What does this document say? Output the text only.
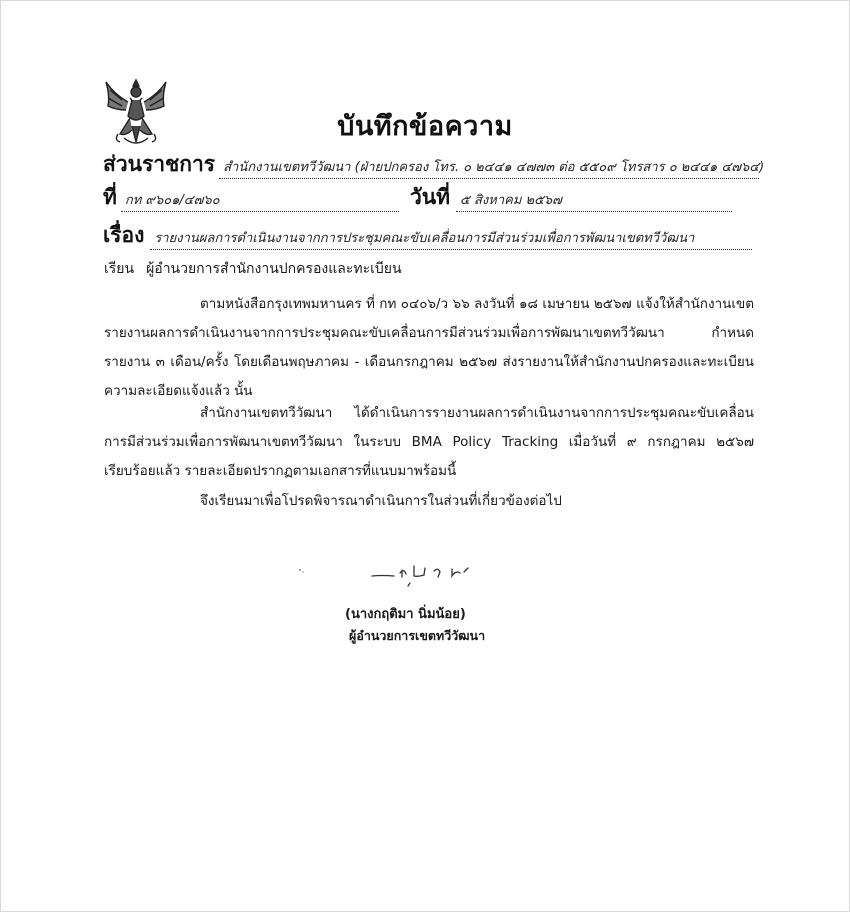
บันทึกข้อความ
ส่วนราชการ สำนักงานเขตทวีวัฒนา (ฝ่ายปกครอง โทร. ๐ ๒๔๔๑ ๔๗๗๓ ต่อ ๕๕๐๙ โทรสาร ๐ ๒๔๔๑ ๔๗๖๔)
ที่ กท ๙๖๐๑/๔๗๖๐	วันที่ ๕ สิงหาคม ๒๕๖๗
เรื่อง รายงานผลการดำเนินงานจากการประชุมคณะขับเคลื่อนการมีส่วนร่วมเพื่อการพัฒนาเขตทวีวัฒนา
เรียน ผู้อำนวยการสำนักงานปกครองและทะเบียน
ตามหนังสือกรุงเทพมหานคร ที่ กท ๐๔๐๖/ว ๖๖ ลงวันที่ ๑๘ เมษายน ๒๕๖๗ แจ้งให้สำนักงานเขต รายงานผลการดำเนินงานจากการประชุมคณะขับเคลื่อนการมีส่วนร่วมเพื่อการพัฒนาเขตทวีวัฒนา กำหนดรายงาน ๓ เดือน/ครั้ง โดยเดือนพฤษภาคม - เดือนกรกฎาคม ๒๕๖๗ ส่งรายงานให้สำนักงานปกครองและทะเบียน ความละเอียดแจ้งแล้ว นั้น
สำนักงานเขตทวีวัฒนา ได้ดำเนินการรายงานผลการดำเนินงานจากการประชุมคณะขับเคลื่อน การมีส่วนร่วมเพื่อการพัฒนาเขตทวีวัฒนา ในระบบ BMA Policy Tracking เมื่อวันที่ ๙ กรกฎาคม ๒๕๖๗ เรียบร้อยแล้ว รายละเอียดปรากฏตามเอกสารที่แนบมาพร้อมนี้
จึงเรียนมาเพื่อโปรดพิจารณาดำเนินการในส่วนที่เกี่ยวข้องต่อไป
(นางกฤติมา นิ่มน้อย)
ผู้อำนวยการเขตทวีวัฒนา
